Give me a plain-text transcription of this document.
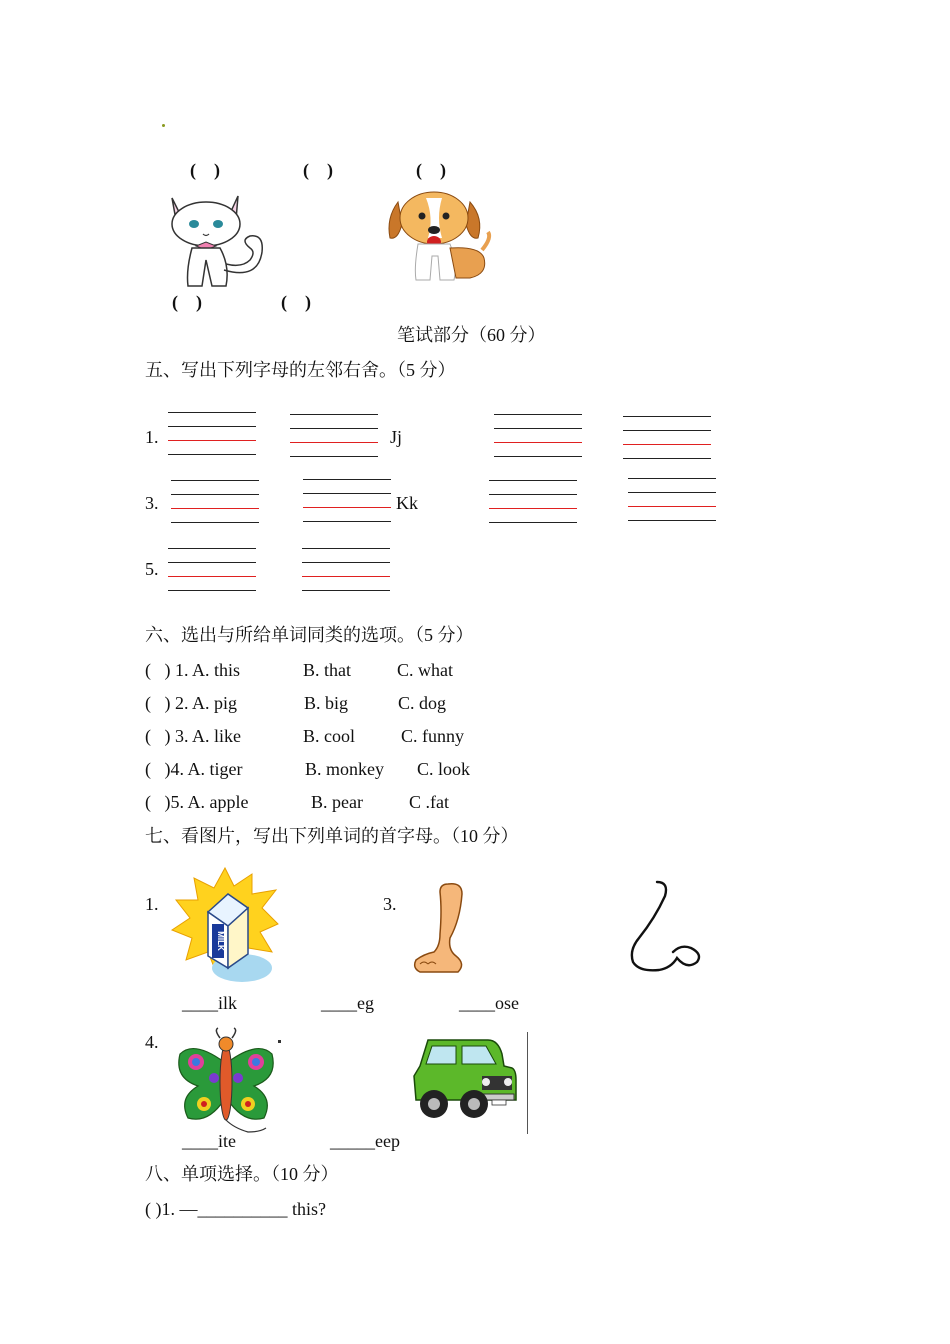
( )	( )	( )
( )	( )
笔试部分（60 分）
五、写出下列字母的左邻右舍。（5 分）
1.	Jj
3.	Kk
5.
六、选出与所给单词同类的选项。（5 分）
( ) 1. A. this	B. that	C. what
( ) 2. A. pig	B. big	C. dog
( ) 3. A. like	B. cool	C. funny
( )4. A. tiger	B. monkey C. look
( )5. A. apple	B. pear	C .fat
七、看图片，写出下列单词的首字母。（10 分）
1.
MILK
3.
____ilk	____eg	____ose
4.
____ite	_____eep
八、单项选择。（10 分）
( )1. —__________ this?
